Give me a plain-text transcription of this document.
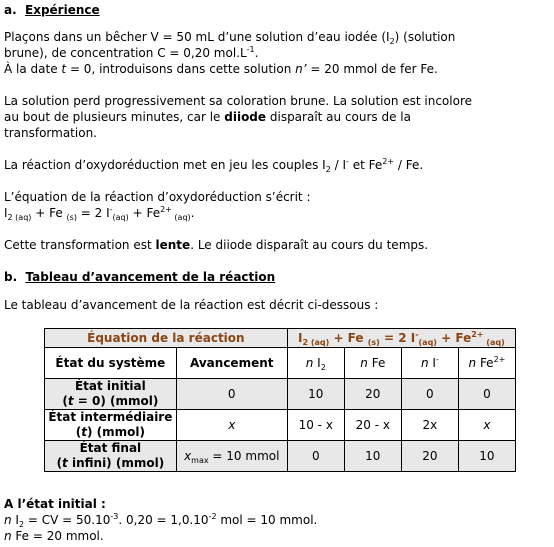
a. Expérience
Plaçons dans un bêcher V = 50 mL d’une solution d’eau iodée $(I_2)$ (solution
brune), de concentration C = 0,20 $mol.L^{-1}$.
À la date t = 0, introduisons dans cette solution n’ = 20 mmol de fer Fe.
La solution perd progressivement sa coloration brune. La solution est incolore
au bout de plusieurs minutes, car le diiode disparaît au cours de la
transformation.
La réaction d’oxydoréduction met en jeu les couples $I_2 / I^-$ et $Fe^{2+}$ / Fe.
L’équation de la réaction d’oxydoréduction s’écrit :
$I_{2 (aq)} + Fe$ $_{(s)}$ = 2 $I^-_{(aq)} + Fe^{2+}$ $_{(aq)}$.
Cette transformation est lente. Le diiode disparaît au cours du temps.
b. Tableau d’avancement de la réaction
Le tableau d’avancement de la réaction est décrit ci-dessous :
Équation de la réaction		$I_{2 (aq)} + Fe$ $_{(s)}$ = 2 $I^-_{(aq)} + Fe^{2+}$ $_{(aq)}$
État du système	Avancement	n $I_2$	n Fe	n I-	n $Fe^{2+}$
État initial
(t = 0) (mmol)	0	10	20	0	0
État intermédiaire
(t) (mmol)	x	10 - x	20 - x	2x	x
État final
(t infini) (mmol)	$x_{max} = 10$ mmol	0	10	20	10
A l’état initial :
n $I_2$ = CV = $50.10^{-3}$. $0,20 = 1,0.10^{-2}$ mol = 10 mmol.
n Fe = 20 mmol.
